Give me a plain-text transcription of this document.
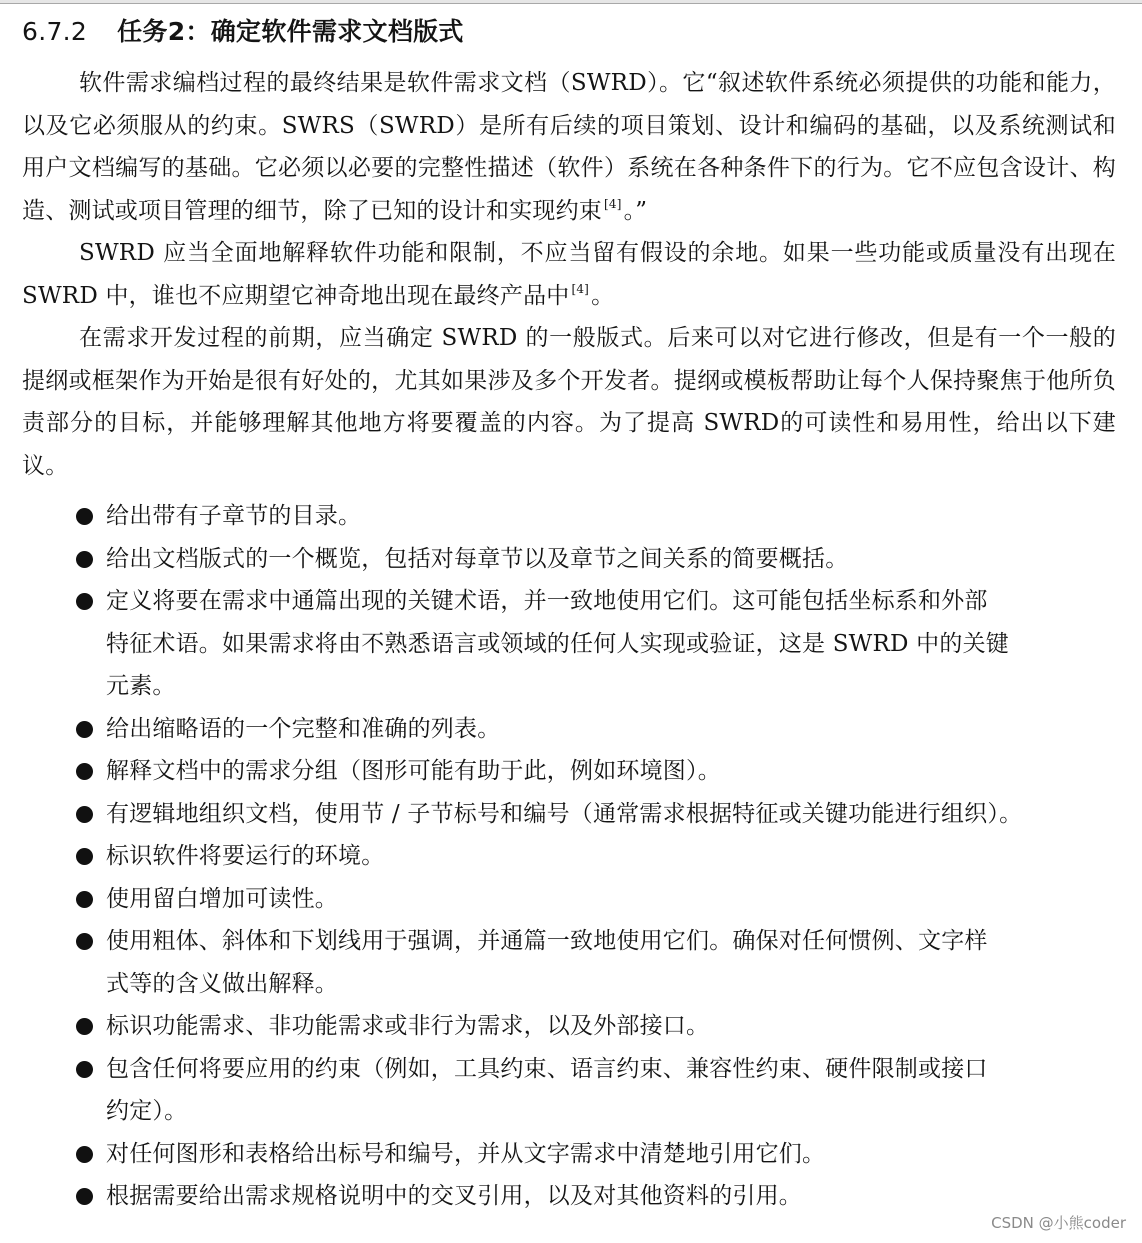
6.7.2 任务2：确定软件需求文档版式

软件需求编档过程的最终结果是软件需求文档（SWRD）。它“叙述软件系统必须提供的功能和能力，以及它必须服从的约束。SWRS（SWRD）是所有后续的项目策划、设计和编码的基础，以及系统测试和用户文档编写的基础。它必须以必要的完整性描述（软件）系统在各种条件下的行为。它不应包含设计、构造、测试或项目管理的细节，除了已知的设计和实现约束 [4]。”

SWRD 应当全面地解释软件功能和限制，不应当留有假设的余地。如果一些功能或质量没有出现在 SWRD 中，谁也不应期望它神奇地出现在最终产品中 [4]。

在需求开发过程的前期，应当确定 SWRD 的一般版式。后来可以对它进行修改，但是有一个一般的提纲或框架作为开始是很有好处的，尤其如果涉及多个开发者。提纲或模板帮助让每个人保持聚焦于他所负责部分的目标，并能够理解其他地方将要覆盖的内容。为了提高 SWRD的可读性和易用性，给出以下建议。

给出带有子章节的目录。
给出文档版式的一个概览，包括对每章节以及章节之间关系的简要概括。
定义将要在需求中通篇出现的关键术语，并一致地使用它们。这可能包括坐标系和外部
特征术语。如果需求将由不熟悉语言或领域的任何人实现或验证，这是 SWRD 中的关键
元素。
给出缩略语的一个完整和准确的列表。
解释文档中的需求分组（图形可能有助于此，例如环境图）。
有逻辑地组织文档，使用节 / 子节标号和编号（通常需求根据特征或关键功能进行组织）。
标识软件将要运行的环境。
使用留白增加可读性。
使用粗体、斜体和下划线用于强调，并通篇一致地使用它们。确保对任何惯例、文字样
式等的含义做出解释。
标识功能需求、非功能需求或非行为需求，以及外部接口。
包含任何将要应用的约束（例如，工具约束、语言约束、兼容性约束、硬件限制或接口
约定）。
对任何图形和表格给出标号和编号，并从文字需求中清楚地引用它们。
根据需要给出需求规格说明中的交叉引用，以及对其他资料的引用。
CSDN @小熊coder
